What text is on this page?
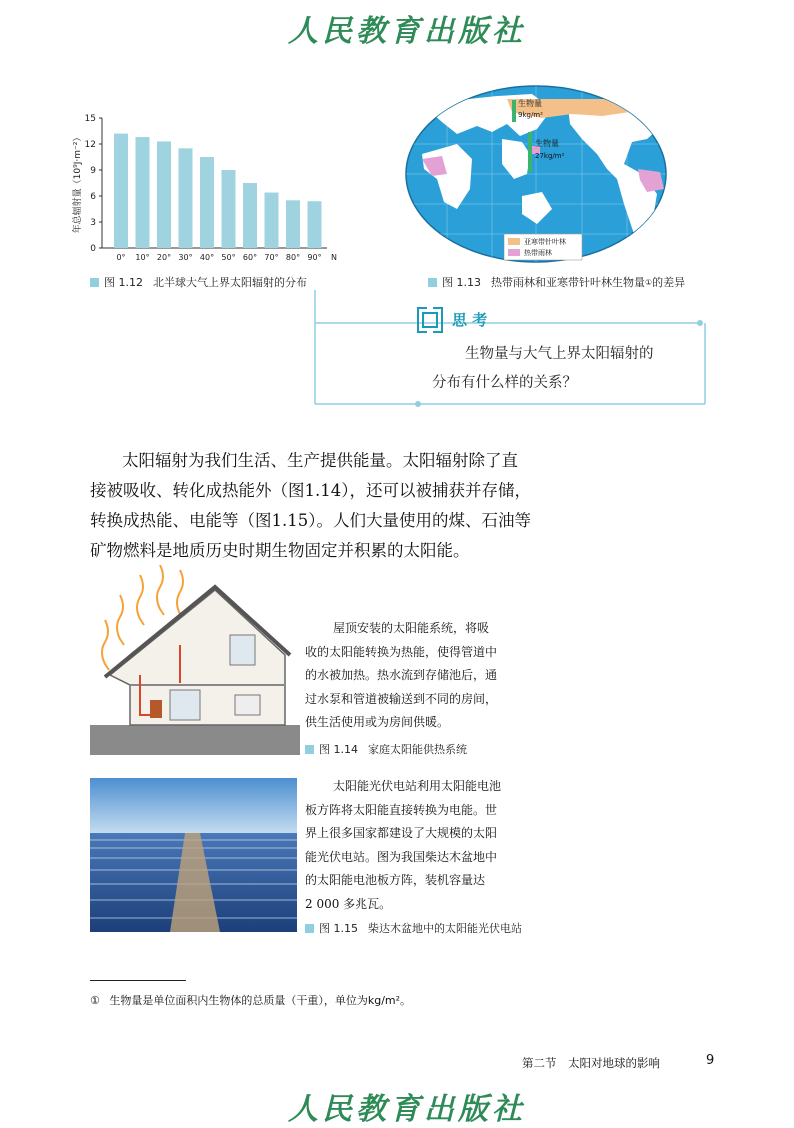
人民教育出版社
0
3
6
9
12
15
0° 10° 20° 30° 40° 50° 60° 70° 80° 90° N
年总辐射量（10⁹J·m⁻²）
图 1.12 北半球大气上界太阳辐射的分布
生物量
9kg/m²
生物量
27kg/m²
亚寒带针叶林
热带雨林
图 1.13 热带雨林和亚寒带针叶林生物量 ① 的差异
思 考
生物量与大气上界太阳辐射的
分布有什么样的关系？
太阳辐射为我们生活、生产提供能量。太阳辐射除了直
接被吸收、转化成热能外（图1.14），还可以被捕获并存储，
转换成热能、电能等（图1.15）。人们大量使用的煤、石油等
矿物燃料是地质历史时期生物固定并积累的太阳能。
屋顶安装的太阳能系统，将吸
收的太阳能转换为热能，使得管道中
的水被加热。热水流到存储池后，通
过水泵和管道被输送到不同的房间，
供生活使用或为房间供暖。
图 1.14 家庭太阳能供热系统
太阳能光伏电站利用太阳能电池
板方阵将太阳能直接转换为电能。世
界上很多国家都建设了大规模的太阳
能光伏电站。图为我国柴达木盆地中
的太阳能电池板方阵，装机容量达
2 000 多兆瓦。
图 1.15 柴达木盆地中的太阳能光伏电站
① 生物量是单位面积内生物体的总质量（干重），单位为kg/m²。
第二节　太阳对地球的影响	9
人民教育出版社
